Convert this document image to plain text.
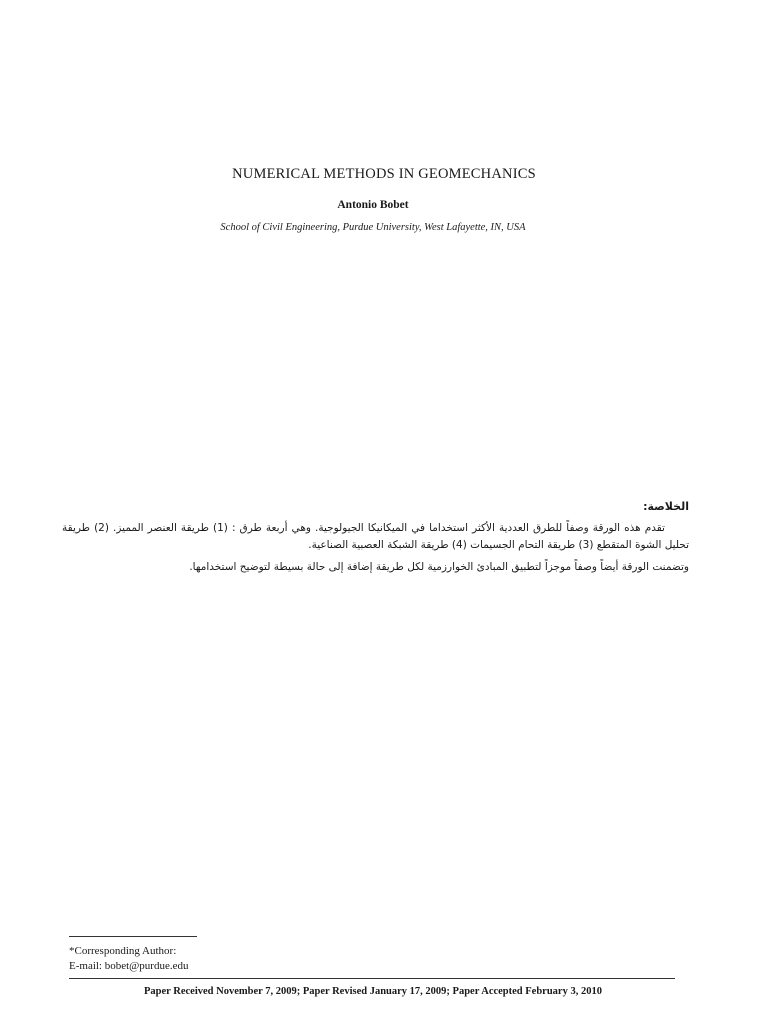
NUMERICAL METHODS IN GEOMECHANICS
Antonio Bobet
School of Civil Engineering, Purdue University, West Lafayette, IN, USA
الخلاصة:
تقدم هذه الورقة وصفاً للطرق العددية الأكثر استخداما في الميكانيكا الجيولوجية. وهي أربعة طرق : (1) طريقة العنصر المميز. (2) طريقة تحليل الشوة المتقطع (3) طريقة التحام الجسيمات (4) طريقة الشبكة العصبية الصناعية.
وتضمنت الورقة أيضاً وصفاً موجزاً لتطبيق المبادئ الخوارزمية لكل طريقة إضافة إلى حالة بسيطة لتوضيح استخدامها.
*Corresponding Author:
E-mail: bobet@purdue.edu
Paper Received November 7, 2009; Paper Revised January 17, 2009; Paper Accepted February 3, 2010
